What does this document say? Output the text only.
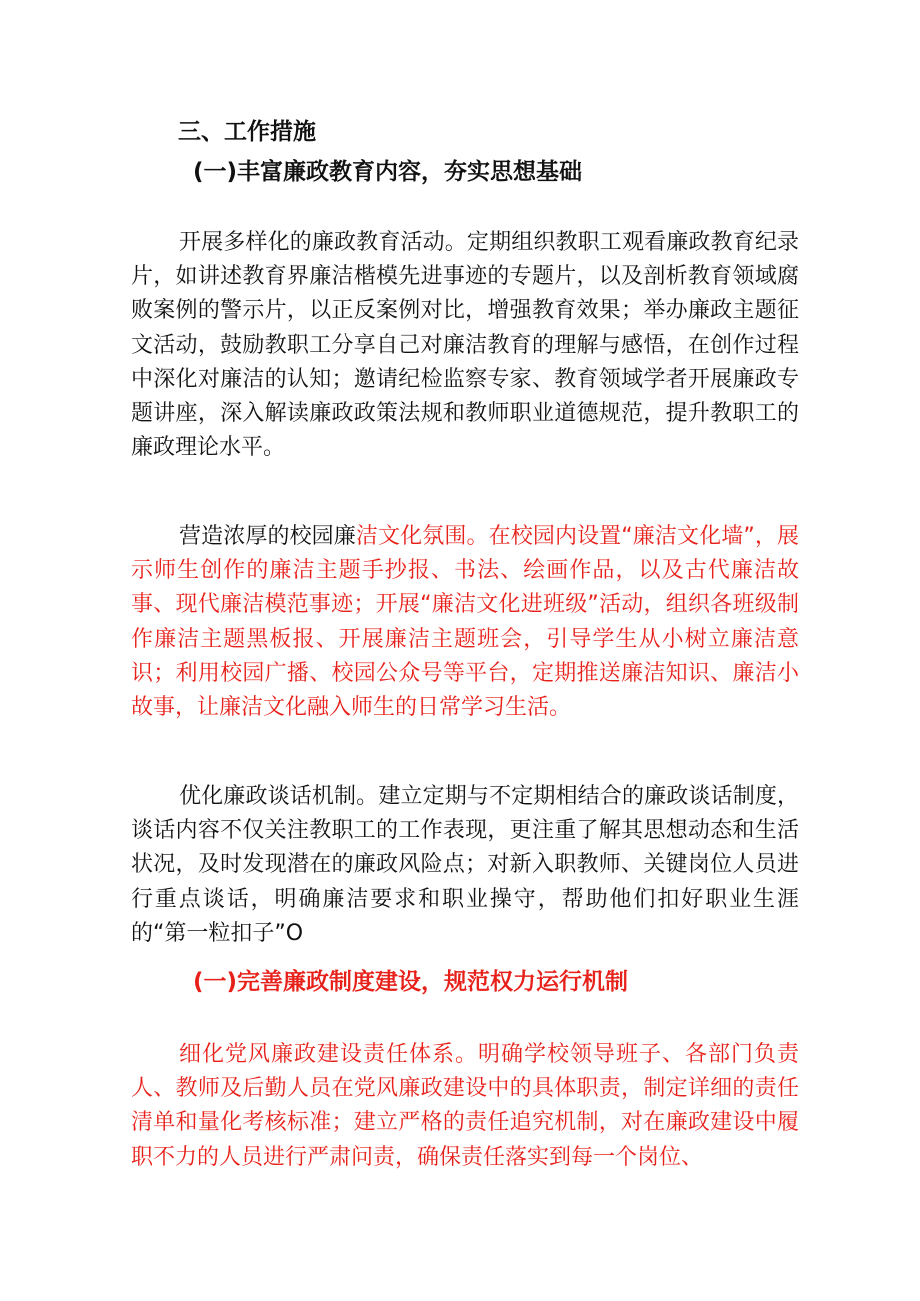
三、工作措施
(一)丰富廉政教育内容，夯实思想基础

开展多样化的廉政教育活动。定期组织教职工观看廉政教育纪录片，如讲述教育界廉洁楷模先进事迹的专题片，以及剖析教育领域腐败案例的警示片，以正反案例对比，增强教育效果；举办廉政主题征文活动，鼓励教职工分享自己对廉洁教育的理解与感悟，在创作过程中深化对廉洁的认知；邀请纪检监察专家、教育领域学者开展廉政专题讲座，深入解读廉政政策法规和教师职业道德规范，提升教职工的廉政理论水平。

营造浓厚的校园廉洁文化氛围。在校园内设置“廉洁文化墙”，展示师生创作的廉洁主题手抄报、书法、绘画作品，以及古代廉洁故事、现代廉洁模范事迹；开展“廉洁文化进班级”活动，组织各班级制作廉洁主题黑板报、开展廉洁主题班会，引导学生从小树立廉洁意识；利用校园广播、校园公众号等平台，定期推送廉洁知识、廉洁小故事，让廉洁文化融入师生的日常学习生活。

优化廉政谈话机制。建立定期与不定期相结合的廉政谈话制度，谈话内容不仅关注教职工的工作表现，更注重了解其思想动态和生活状况，及时发现潜在的廉政风险点；对新入职教师、关键岗位人员进行重点谈话，明确廉洁要求和职业操守，帮助他们扣好职业生涯的“第一粒扣子”O

(一)完善廉政制度建设，规范权力运行机制

细化党风廉政建设责任体系。明确学校领导班子、各部门负责人、教师及后勤人员在党风廉政建设中的具体职责，制定详细的责任清单和量化考核标准；建立严格的责任追究机制，对在廉政建设中履职不力的人员进行严肃问责，确保责任落实到每一个岗位、
